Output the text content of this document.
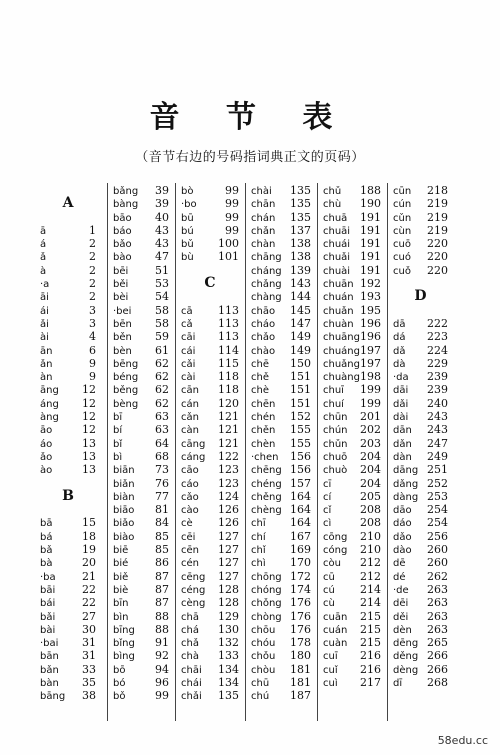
音 节 表
（音节右边的号码指词典正文的页码）
A
ā	1
á	2
ǎ	2
à	2
·a	2
āi	2
ái	3
ǎi	3
ài	4
ān	6
ǎn	9
àn	9
āng 12
áng 12
àng 12
āo	12
áo	13
ǎo	13
ào	13
B
bā	15
bá	18
bǎ	19
bà	20
·ba 21
bāi 22
bái 22
bǎi 27
bài 30
·bai 31
bān 31
bǎn 33
bàn 35
bāng 38
bǎng 39
bàng 39
bāo 40
báo 43
bǎo 43
bào 47
bēi 51
běi 53
bèi 54
·bei 58
bēn 58
běn 59
bèn 61
bēng 62
béng 62
běng 62
bèng 62
bī	63
bí	63
bǐ	64
bì	68
biān 73
biǎn 76
biàn 77
biāo 81
biǎo 84
biào 85
biē 85
bié 86
biě 87
biè 87
bīn 87
bìn 88
bīng 88
bǐng 91
bìng 92
bō	94
bó	96
bǒ	99
bò	99
·bo	99
bū	99
bú	99
bǔ 100
bù 101
C
cā 113
cǎ 113
cāi 113
cái 114
cǎi 115
cài 118
cān 118
cán 120
cǎn 121
càn 121
cāng 121
cáng 122
cāo 123
cáo 123
cǎo 124
cào 126
cè 126
cēi 127
cēn 127
cén 127
cēng 127
céng 128
cèng 128
chā 129
chá 130
chǎ 132
chà 133
chāi 134
chái 134
chǎi 135
chài 135
chān 135
chán 135
chǎn 137
chàn 138
chāng 138
cháng 139
chǎng 143
chàng 144
chāo 145
cháo 147
chǎo 149
chào 149
chē 150
chě 151
chè 151
chēn 151
chén 152
chěn 155
chèn 155
·chen 156
chēng 156
chéng 157
chěng 164
chèng 164
chī 164
chí 167
chǐ 169
chì 170
chōng 172
chóng 174
chǒng 176
chòng 176
chōu 176
chóu 178
chǒu 180
chòu 181
chū 181
chú 187
chǔ 188
chù 190
chuā 191
chuāi 191
chuái 191
chuǎi 191
chuài 191
chuān 192
chuán 193
chuǎn 195
chuàn 196
chuāng 196
chuáng 197
chuǎng 197
chuàng 198
chuī 199
chuí 199
chūn 201
chún 202
chǔn 203
chuō 204
chuò 204
cī	204
cí	205
cǐ	208
cì	208
cōng 210
cóng 210
còu 212
cū 212
cú 214
cù 214
cuān 215
cuán 215
cuàn 215
cuī 216
cuǐ 216
cuì 217
cūn 218
cún 219
cǔn 219
cùn 219
cuō 220
cuó 220
cuǒ 220
D
dā 222
dá 223
dǎ 224
dà 229
·da 239
dāi 239
dǎi 240
dài 243
dān 243
dǎn 247
dàn 249
dāng 251
dǎng 252
dàng 253
dāo 254
dáo 254
dǎo 256
dào 260
dē 260
dé 262
·de 263
dēi 263
děi 263
dèn 263
dēng 265
děng 266
dèng 266
dī 268
58edu.cc
